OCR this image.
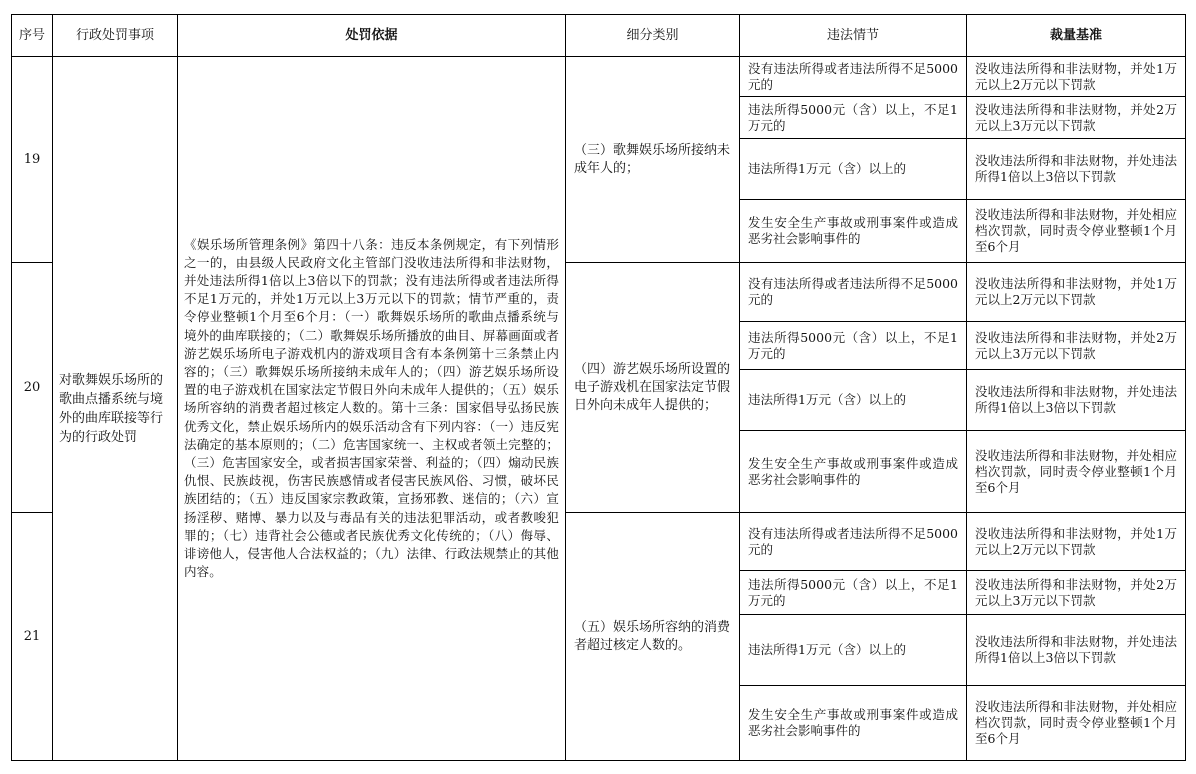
序号	行政处罚事项	处罚依据	细分类别	违法情节	裁量基准
19	对歌舞娱乐场所的歌曲点播系统与境外的曲库联接等行为的行政处罚	《娱乐场所管理条例》第四十八条：违反本条例规定，有下列情形之一的，由县级人民政府文化主管部门没收违法所得和非法财物，并处违法所得1倍以上3倍以下的罚款；没有违法所得或者违法所得不足1万元的，并处1万元以上3万元以下的罚款；情节严重的，责令停业整顿1个月至6个月：（一）歌舞娱乐场所的歌曲点播系统与境外的曲库联接的；（二）歌舞娱乐场所播放的曲目、屏幕画面或者游艺娱乐场所电子游戏机内的游戏项目含有本条例第十三条禁止内容的；（三）歌舞娱乐场所接纳未成年人的；（四）游艺娱乐场所设置的电子游戏机在国家法定节假日外向未成年人提供的；（五）娱乐场所容纳的消费者超过核定人数的。第十三条：国家倡导弘扬民族优秀文化，禁止娱乐场所内的娱乐活动含有下列内容：（一）违反宪法确定的基本原则的；（二）危害国家统一、主权或者领土完整的；（三）危害国家安全，或者损害国家荣誉、利益的；（四）煽动民族仇恨、民族歧视，伤害民族感情或者侵害民族风俗、习惯，破坏民族团结的；（五）违反国家宗教政策，宣扬邪教、迷信的；（六）宣扬淫秽、赌博、暴力以及与毒品有关的违法犯罪活动，或者教唆犯罪的；（七）违背社会公德或者民族优秀文化传统的；（八）侮辱、诽谤他人，侵害他人合法权益的；（九）法律、行政法规禁止的其他内容。	（三）歌舞娱乐场所接纳未成年人的；	没有违法所得或者违法所得不足5000元的	没收违法所得和非法财物，并处1万元以上2万元以下罚款
				违法所得5000元（含）以上，不足1万元的	没收违法所得和非法财物，并处2万元以上3万元以下罚款
				违法所得1万元（含）以上的	没收违法所得和非法财物，并处违法所得1倍以上3倍以下罚款
				发生安全生产事故或刑事案件或造成恶劣社会影响事件的	没收违法所得和非法财物，并处相应档次罚款，同时责令停业整顿1个月至6个月
20			（四）游艺娱乐场所设置的电子游戏机在国家法定节假日外向未成年人提供的；	没有违法所得或者违法所得不足5000元的	没收违法所得和非法财物，并处1万元以上2万元以下罚款
				违法所得5000元（含）以上，不足1万元的	没收违法所得和非法财物，并处2万元以上3万元以下罚款
				违法所得1万元（含）以上的	没收违法所得和非法财物，并处违法所得1倍以上3倍以下罚款
				发生安全生产事故或刑事案件或造成恶劣社会影响事件的	没收违法所得和非法财物，并处相应档次罚款，同时责令停业整顿1个月至6个月
21			（五）娱乐场所容纳的消费者超过核定人数的。	没有违法所得或者违法所得不足5000元的	没收违法所得和非法财物，并处1万元以上2万元以下罚款
				违法所得5000元（含）以上，不足1万元的	没收违法所得和非法财物，并处2万元以上3万元以下罚款
				违法所得1万元（含）以上的	没收违法所得和非法财物，并处违法所得1倍以上3倍以下罚款
				发生安全生产事故或刑事案件或造成恶劣社会影响事件的	没收违法所得和非法财物，并处相应档次罚款，同时责令停业整顿1个月至6个月
